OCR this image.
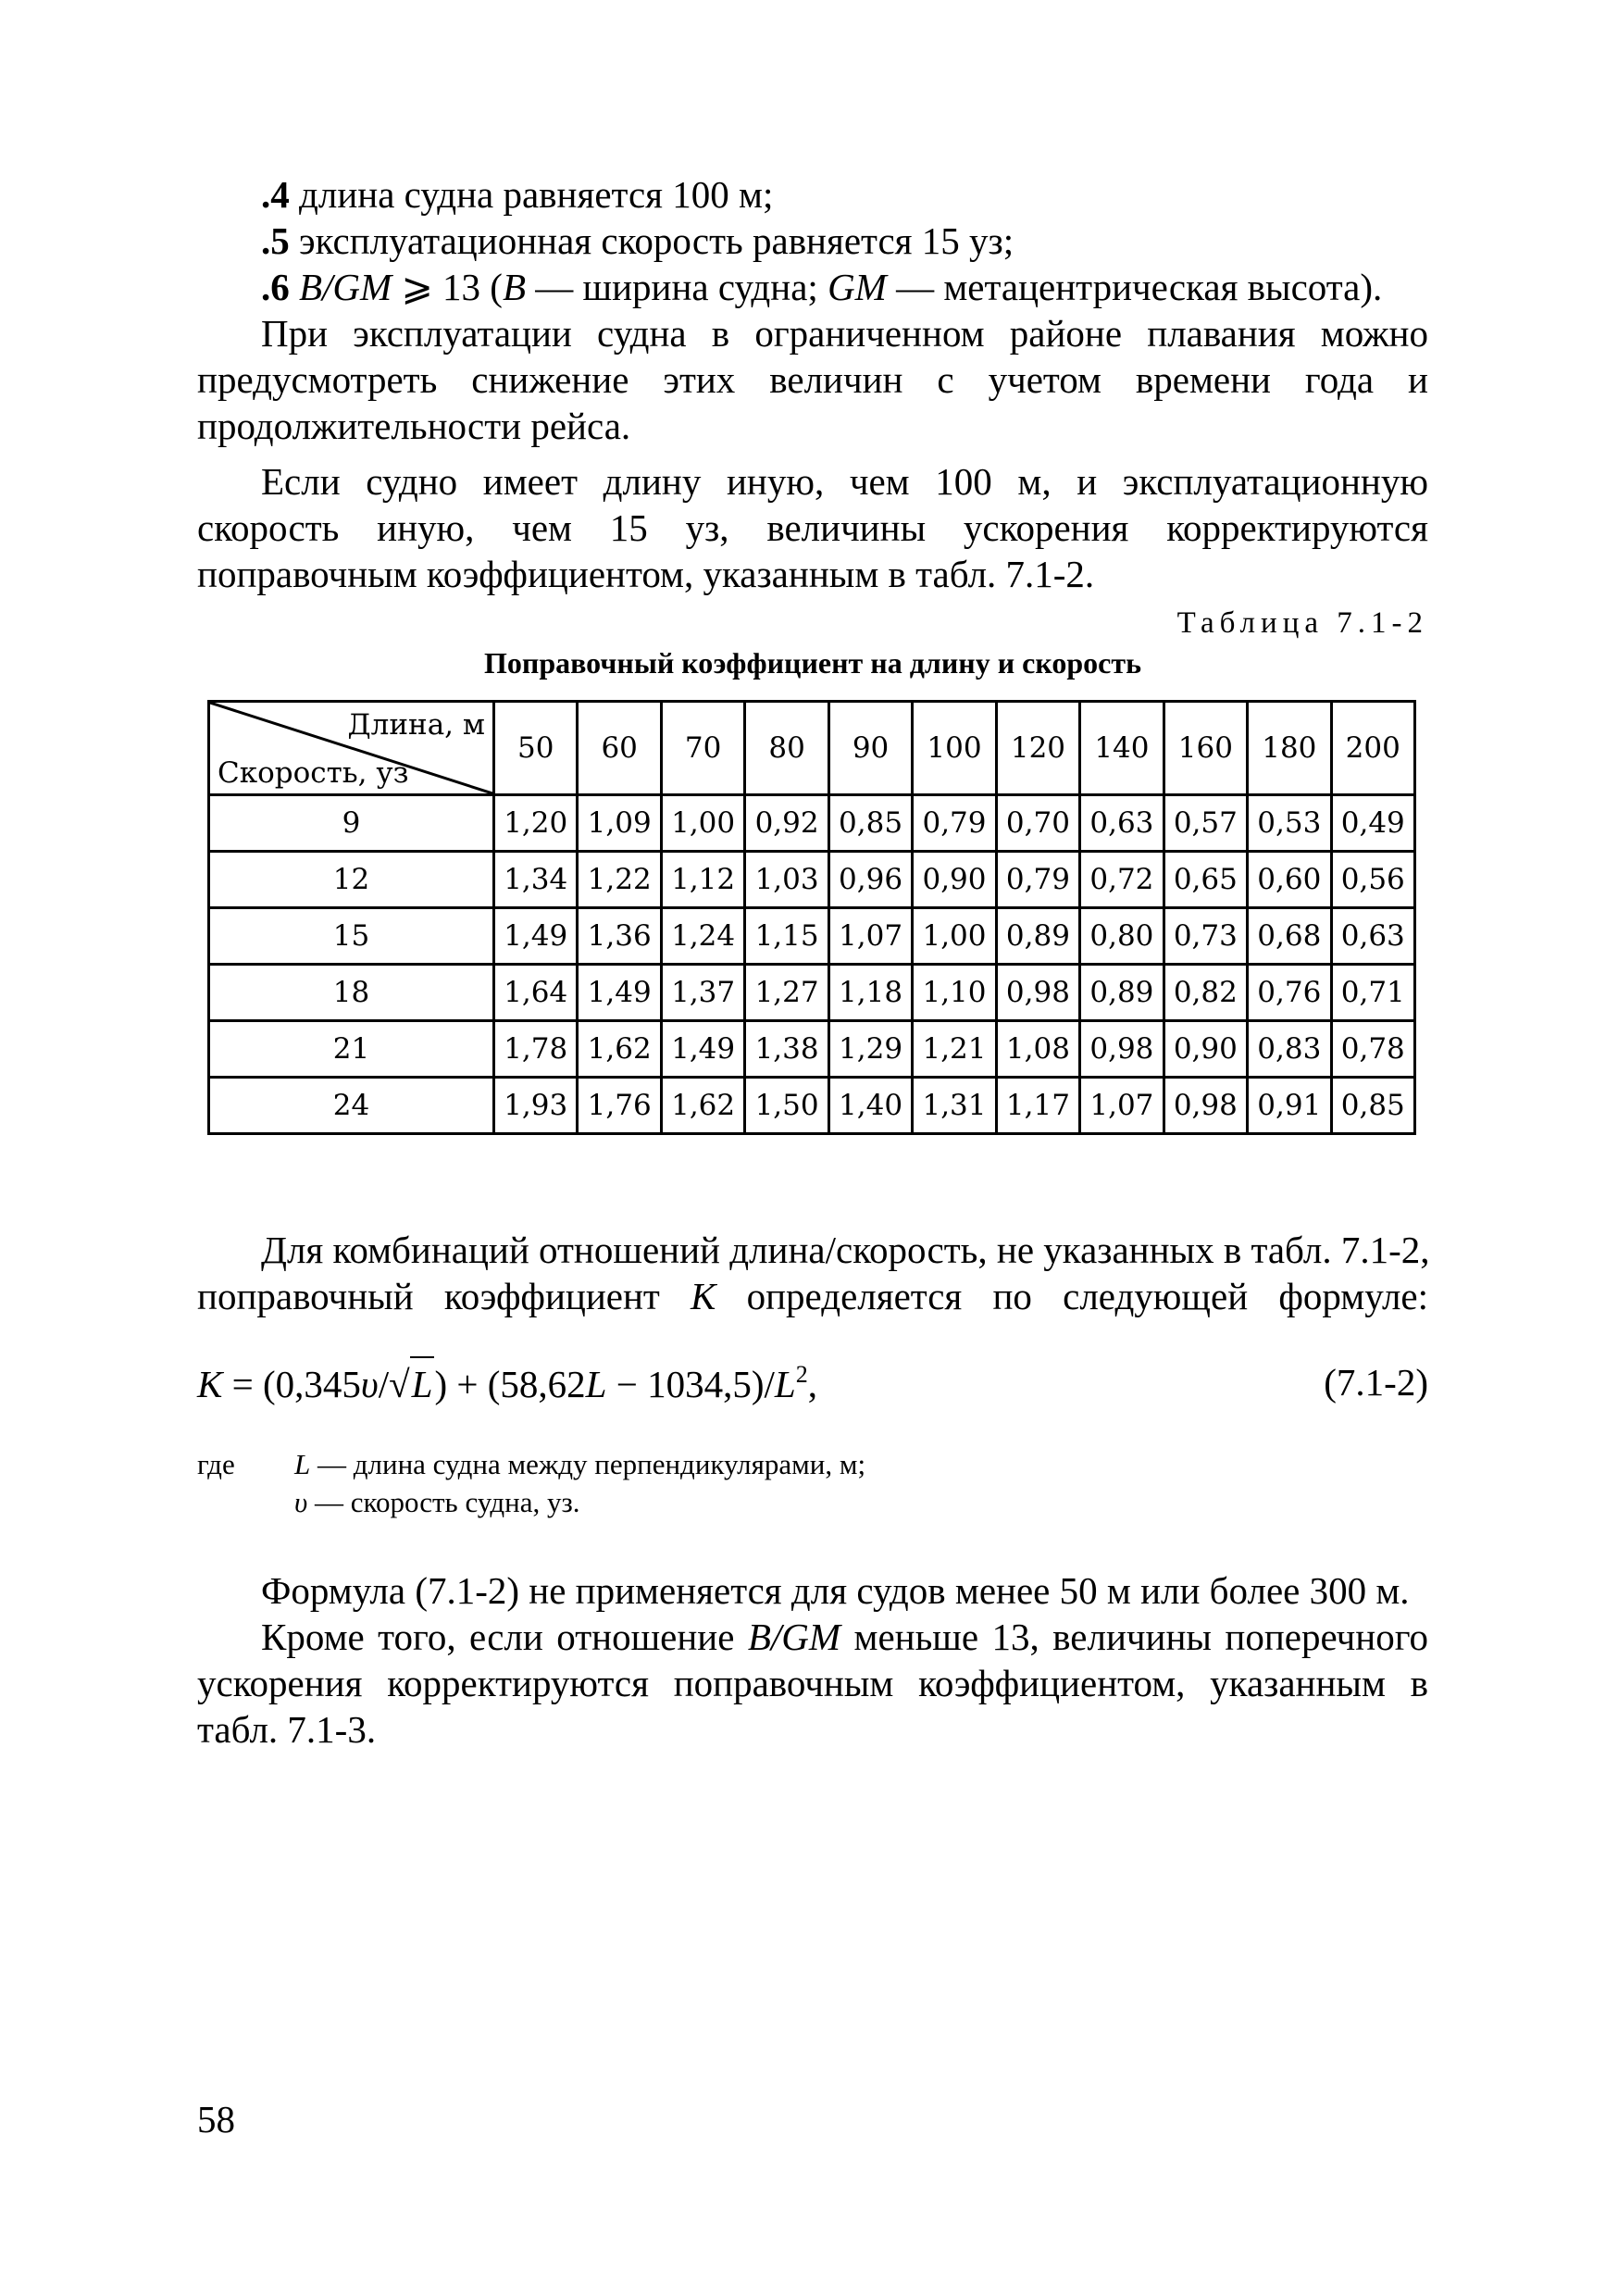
.4 длина судна равняется 100 м;
.5 эксплуатационная скорость равняется 15 уз;
.6 B/GM ⩾ 13 (B — ширина судна; GM — метацентрическая высота).
При эксплуатации судна в ограниченном районе плавания можно
предусмотреть снижение этих величин с учетом времени года и
продолжительности рейса.
Если судно имеет длину иную, чем 100 м, и эксплуатационную
скорость иную, чем 15 уз, величины ускорения корректируются
поправочным коэффициентом, указанным в табл. 7.1-2.
Таблица 7.1-2
Поправочный коэффициент на длину и скорость
Длина, м
Скорость, уз	50	60	70	80	90	100	120	140	160	180	200
9	1,20	1,09	1,00	0,92	0,85	0,79	0,70	0,63	0,57	0,53	0,49
12	1,34	1,22	1,12	1,03	0,96	0,90	0,79	0,72	0,65	0,60	0,56
15	1,49	1,36	1,24	1,15	1,07	1,00	0,89	0,80	0,73	0,68	0,63
18	1,64	1,49	1,37	1,27	1,18	1,10	0,98	0,89	0,82	0,76	0,71
21	1,78	1,62	1,49	1,38	1,29	1,21	1,08	0,98	0,90	0,83	0,78
24	1,93	1,76	1,62	1,50	1,40	1,31	1,17	1,07	0,98	0,91	0,85
Для комбинаций отношений длина/скорость, не указанных в табл. 7.1-2,
поправочный коэффициент K определяется по следующей формуле:
$K = (0,345\upsilon/√L) + (58,62L - 1034,5)/L^2$,	(7.1-2)
где L — длина судна между перпендикулярами, м;
υ — скорость судна, уз.
Формула (7.1-2) не применяется для судов менее 50 м или более 300 м.
Кроме того, если отношение B/GM меньше 13, величины поперечного
ускорения корректируются поправочным коэффициентом, указанным в
табл. 7.1-3.
58
